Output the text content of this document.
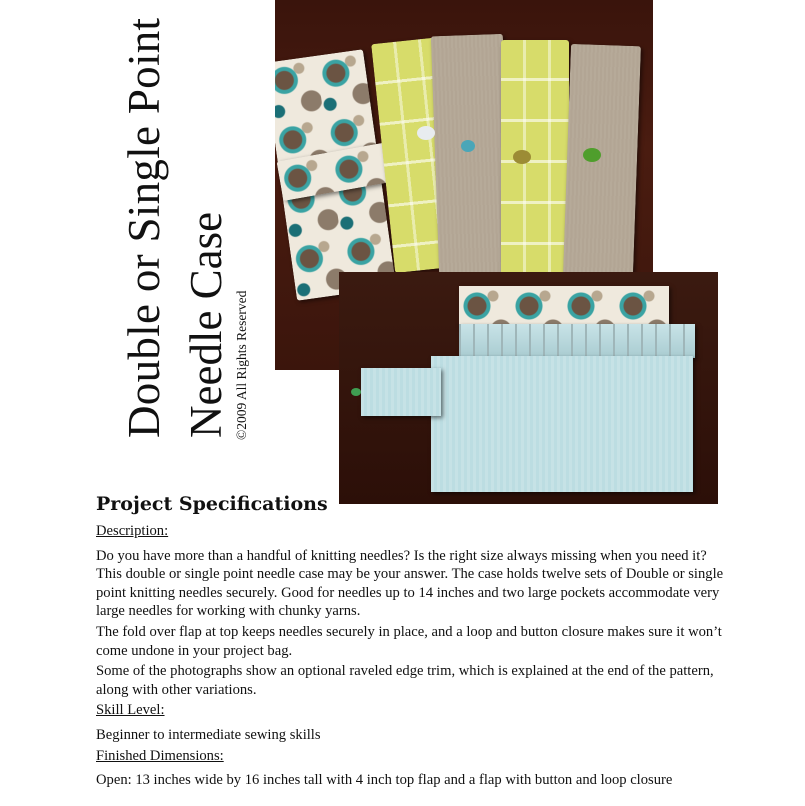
Double or Single Point Needle Case ©2009 All Rights Reserved
Project Specifications
Description:
Do you have more than a handful of knitting needles? Is the right size always missing when you need it? This double or single point needle case may be your answer. The case holds twelve sets of Double or single point knitting needles securely. Good for needles up to 14 inches and two large pockets accommodate very large needles for working with chunky yarns.
The fold over flap at top keeps needles securely in place, and a loop and button closure makes sure it won’t come undone in your project bag.
Some of the photographs show an optional raveled edge trim, which is explained at the end of the pattern, along with other variations.
Skill Level:
Beginner to intermediate sewing skills
Finished Dimensions:
Open: 13 inches wide by 16 inches tall with 4 inch top flap and a flap with button and loop closure
